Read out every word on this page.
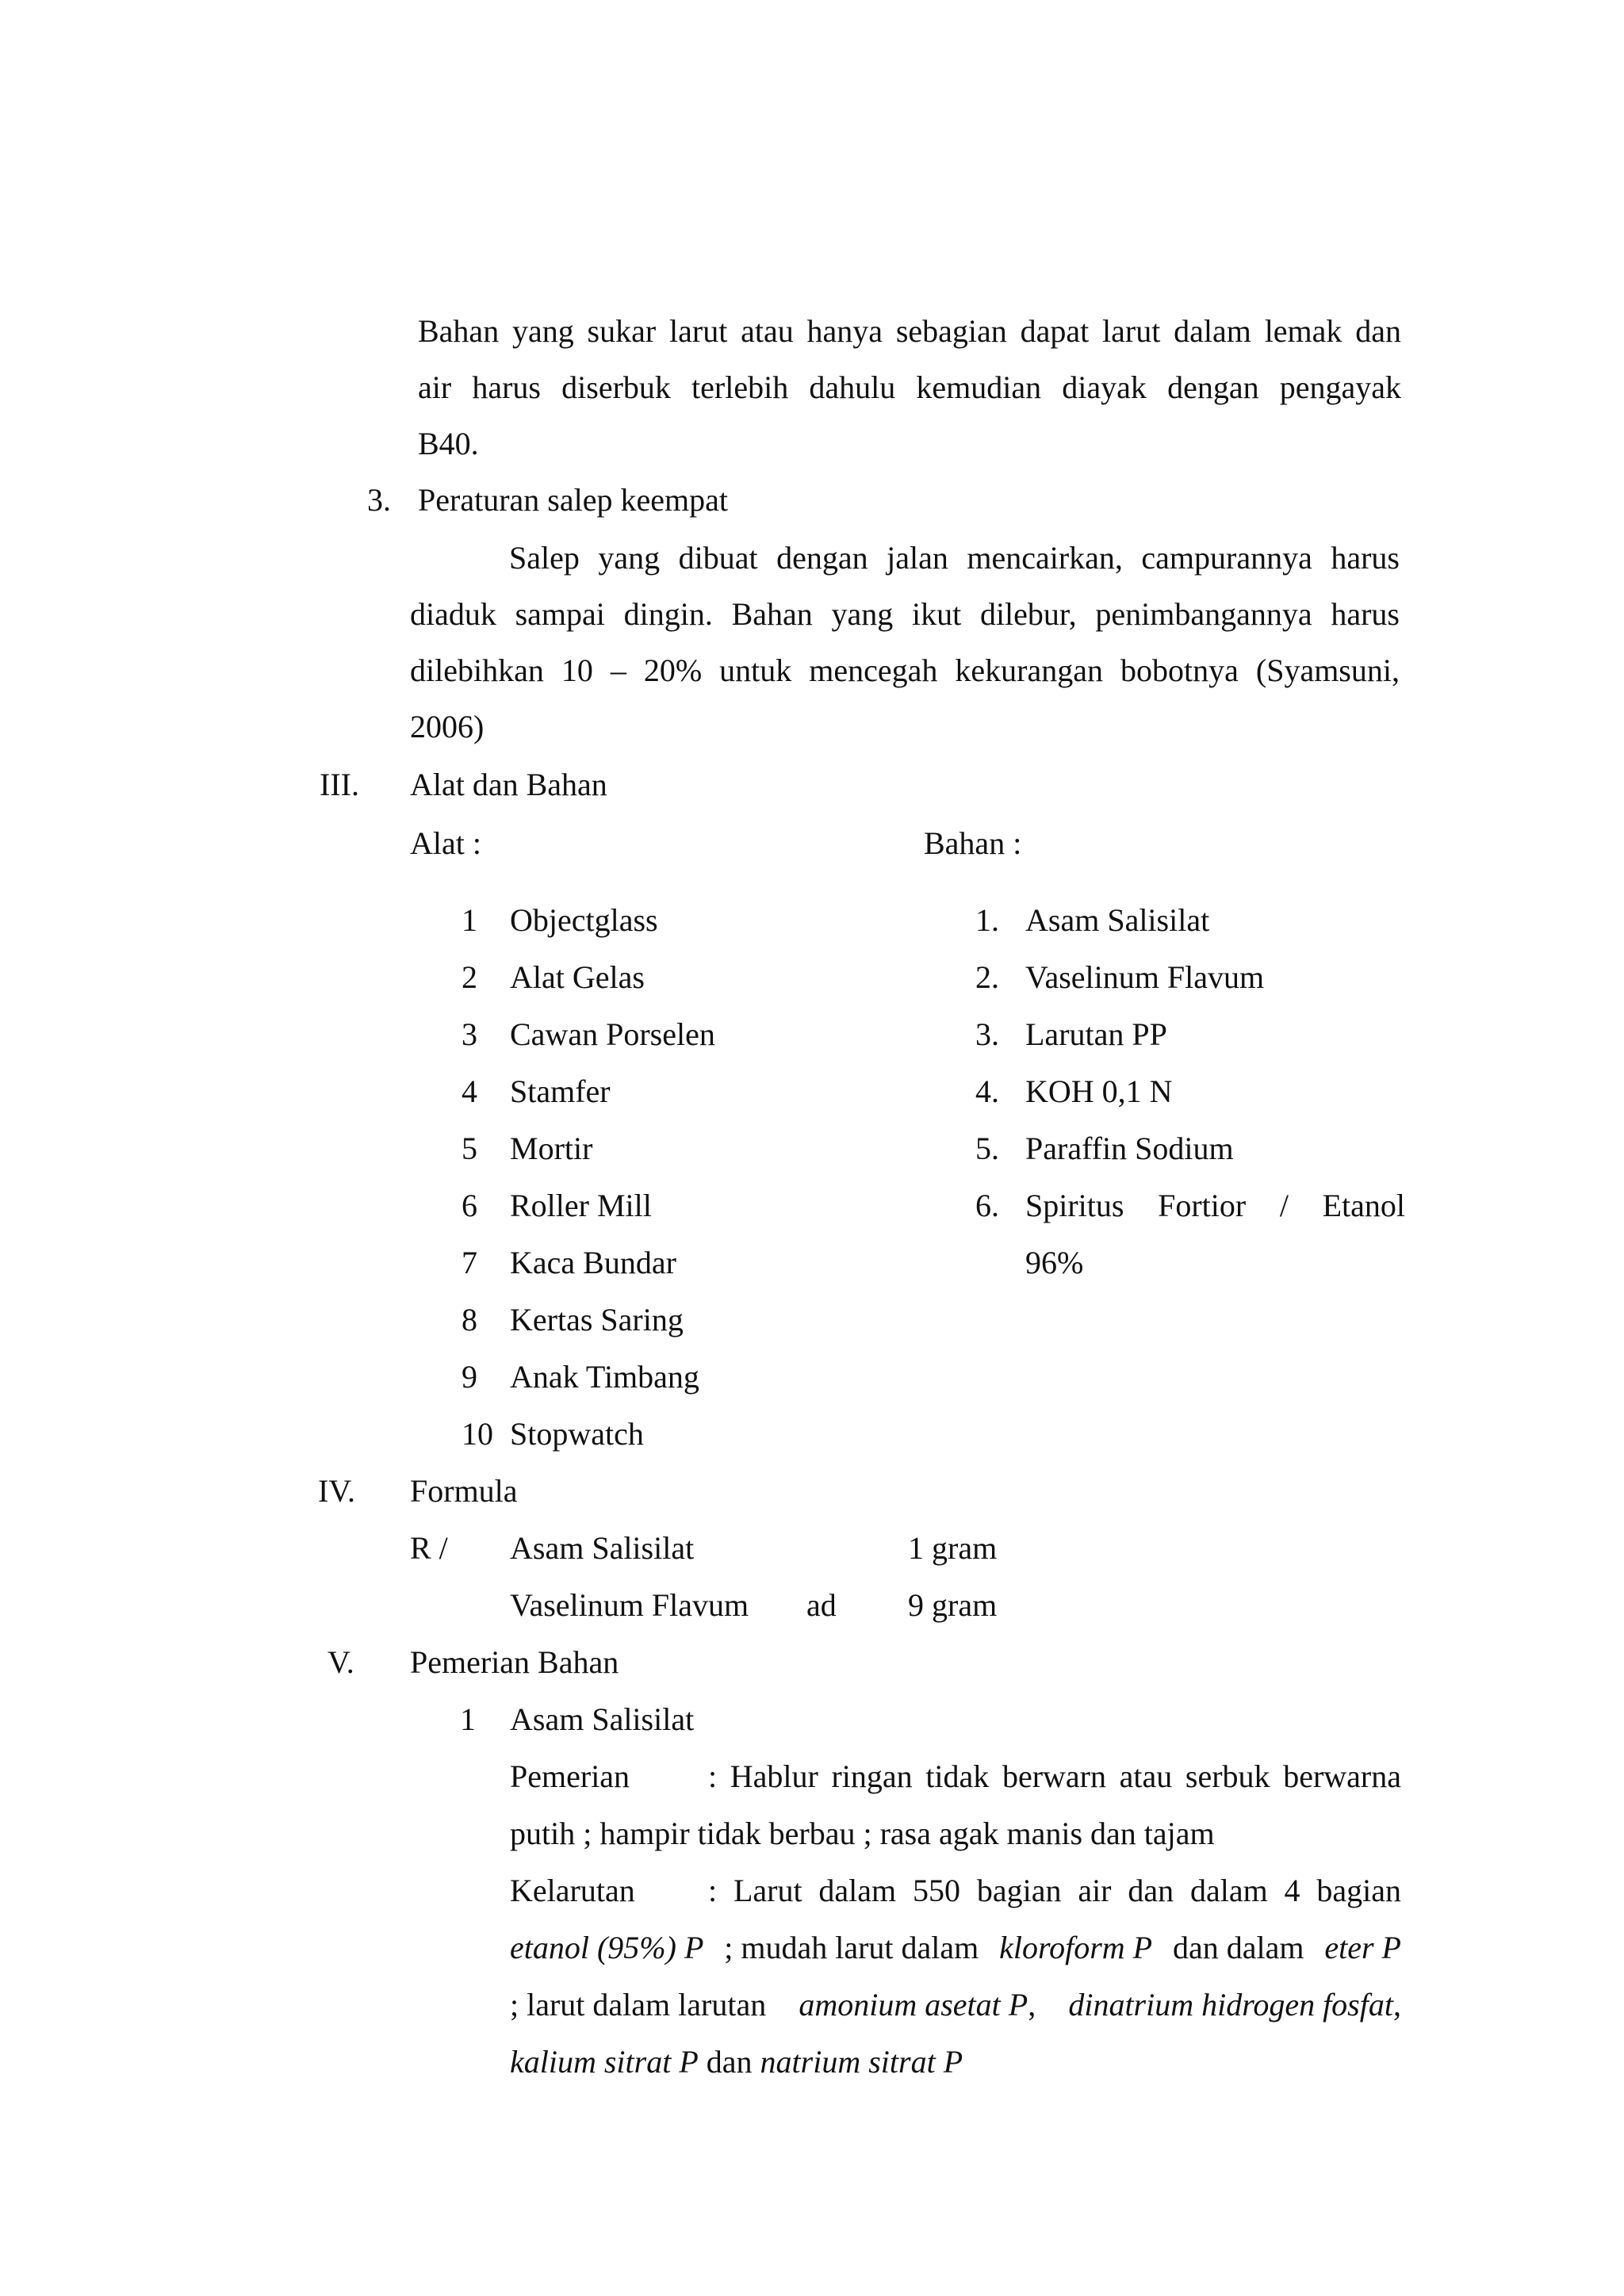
Bahan yang sukar larut atau hanya sebagian dapat larut dalam lemak dan
air harus diserbuk terlebih dahulu kemudian diayak dengan pengayak
B40.
3. Peraturan salep keempat
Salep yang dibuat dengan jalan mencairkan, campurannya harus
diaduk sampai dingin. Bahan yang ikut dilebur, penimbangannya harus
dilebihkan 10 – 20% untuk mencegah kekurangan bobotnya (Syamsuni,
2006)
III. Alat dan Bahan
Alat :	Bahan :
1 Objectglass
2 Alat Gelas
3 Cawan Porselen
4 Stamfer
5 Mortir
6 Roller Mill
7 Kaca Bundar
8 Kertas Saring
9 Anak Timbang
10 Stopwatch
1. Asam Salisilat
2. Vaselinum Flavum
3. Larutan PP
4. KOH 0,1 N
5. Paraffin Sodium
6. Spiritus Fortior / Etanol
96%
IV. Formula
R / Asam Salisilat	1 gram
Vaselinum Flavum ad 9 gram
V. Pemerian Bahan
1 Asam Salisilat
Pemerian : Hablur ringan tidak berwarn atau serbuk berwarna
putih ; hampir tidak berbau ; rasa agak manis dan tajam
Kelarutan : Larut dalam 550 bagian air dan dalam 4 bagian
etanol (95%) P ; mudah larut dalam kloroform P dan dalam eter P
; larut dalam larutan amonium asetat P, dinatrium hidrogen fosfat,
kalium sitrat P dan natrium sitrat P
